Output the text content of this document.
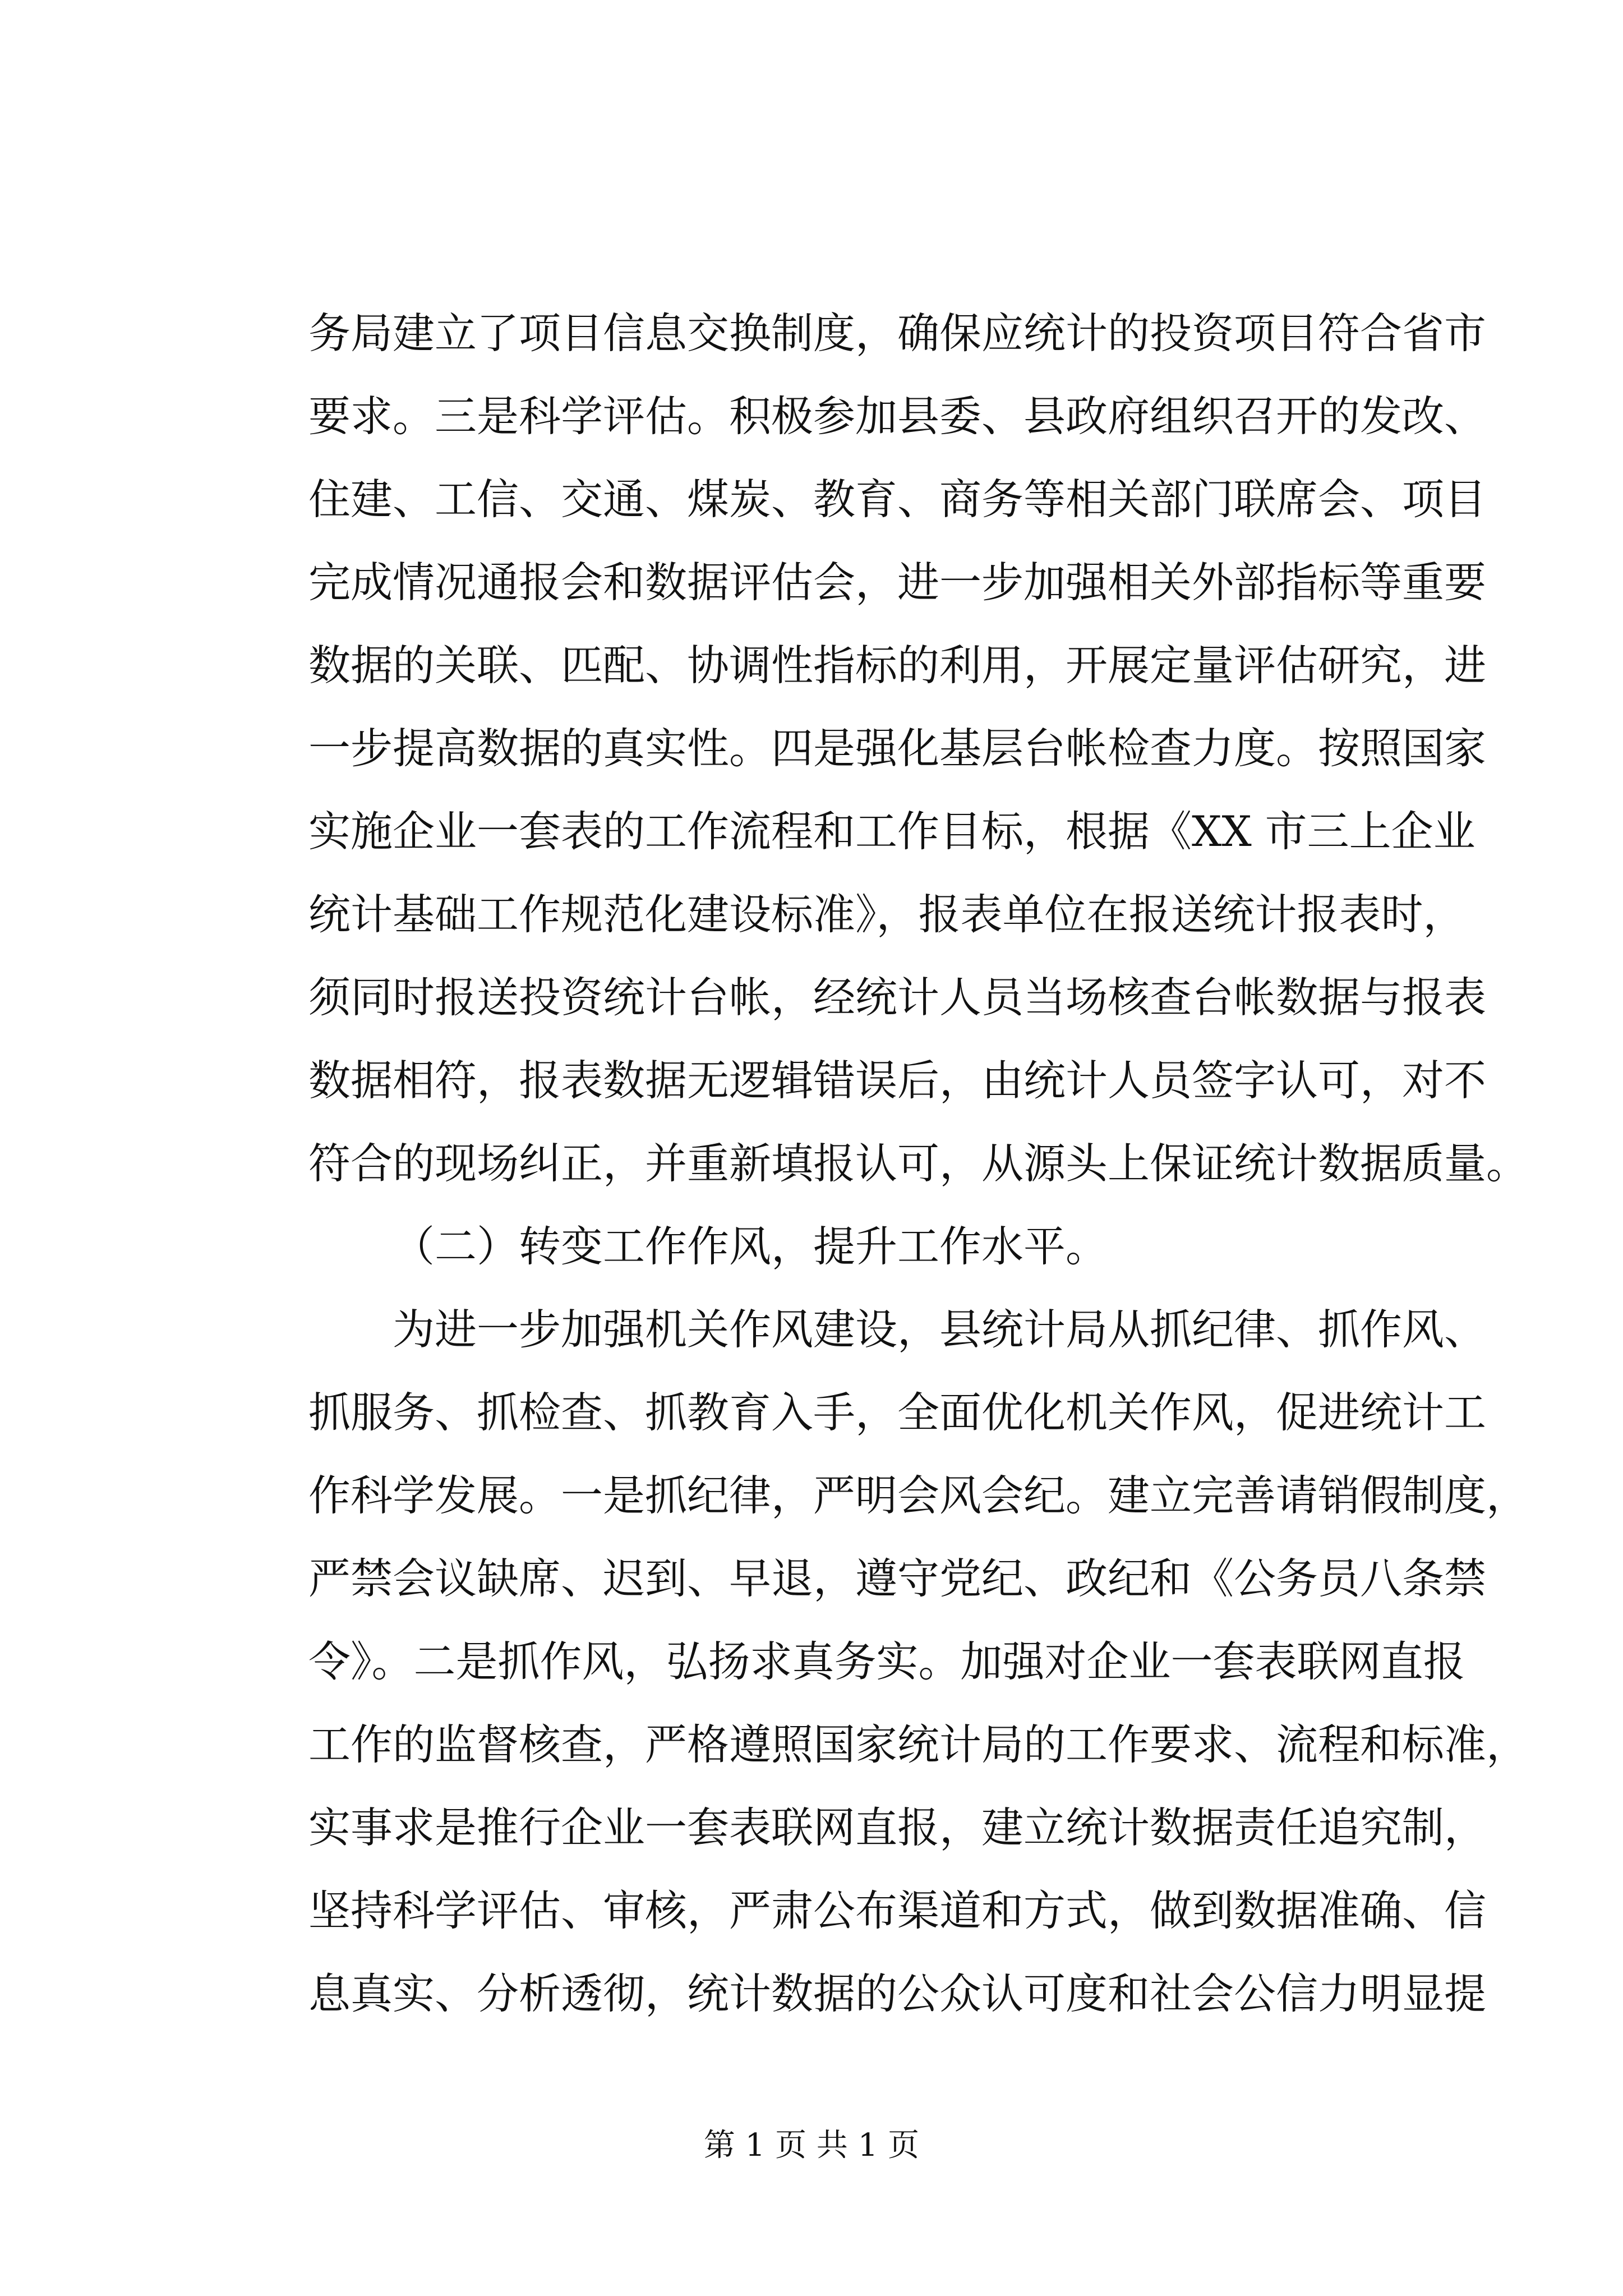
务局建立了项目信息交换制度，确保应统计的投资项目符合省市
要求。三是科学评估。积极参加县委、县政府组织召开的发改、
住建、工信、交通、煤炭、教育、商务等相关部门联席会、项目
完成情况通报会和数据评估会，进一步加强相关外部指标等重要
数据的关联、匹配、协调性指标的利用，开展定量评估研究，进
一步提高数据的真实性。四是强化基层台帐检查力度。按照国家
实施企业一套表的工作流程和工作目标，根据《XX 市三上企业
统计基础工作规范化建设标准》，报表单位在报送统计报表时，
须同时报送投资统计台帐，经统计人员当场核查台帐数据与报表
数据相符，报表数据无逻辑错误后，由统计人员签字认可，对不
符合的现场纠正，并重新填报认可，从源头上保证统计数据质量。
（二）转变工作作风，提升工作水平。
为进一步加强机关作风建设，县统计局从抓纪律、抓作风、
抓服务、抓检查、抓教育入手，全面优化机关作风，促进统计工
作科学发展。一是抓纪律，严明会风会纪。建立完善请销假制度，
严禁会议缺席、迟到、早退，遵守党纪、政纪和《公务员八条禁
令》。二是抓作风，弘扬求真务实。加强对企业一套表联网直报
工作的监督核查，严格遵照国家统计局的工作要求、流程和标准，
实事求是推行企业一套表联网直报，建立统计数据责任追究制，
坚持科学评估、审核，严肃公布渠道和方式，做到数据准确、信
息真实、分析透彻，统计数据的公众认可度和社会公信力明显提
第 1 页 共 1 页
